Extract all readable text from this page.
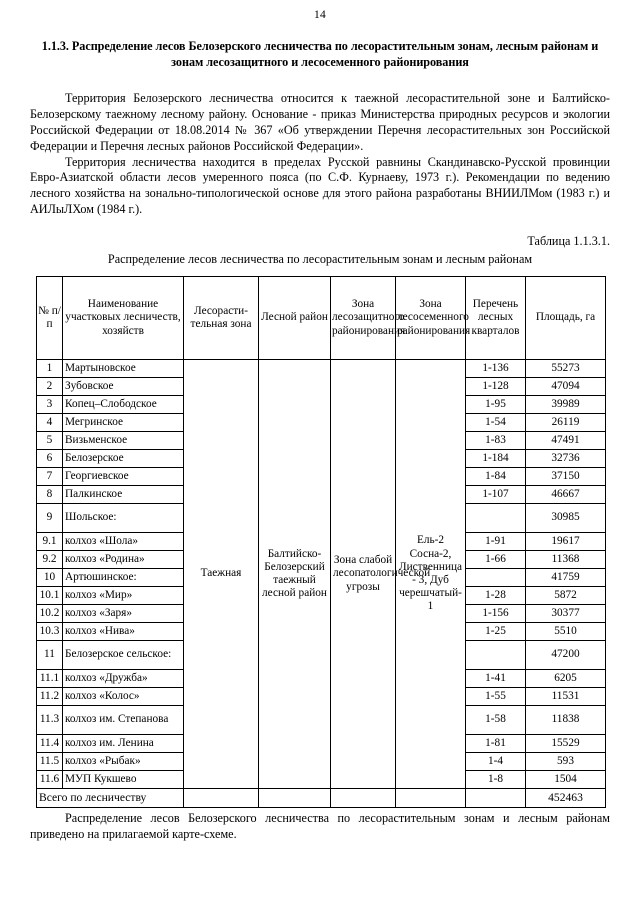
14
1.1.3. Распределение лесов Белозерского лесничества по лесорастительным зонам, лесным районам и зонам лесозащитного и лесосеменного районирования

Территория Белозерского лесничества относится к таежной лесорастительной зоне и Балтийско-Белозерскому таежному лесному району. Основание - приказ Министерства природных ресурсов и экологии Российской Федерации от 18.08.2014 № 367 «Об утверждении Перечня лесорастительных зон Российской Федерации и Перечня лесных районов Российской Федерации».

Территория лесничества находится в пределах Русской равнины Скандинавско-Русской провинции Евро-Азиатской области лесов умеренного пояса (по С.Ф. Курнаеву, 1973 г.). Рекомендации по ведению лесного хозяйства на зонально-типологической основе для этого района разработаны ВНИИЛМом (1983 г.) и АИЛыЛХом (1984 г.).

Таблица 1.1.3.1.
Распределение лесов лесничества по лесорастительным зонам и лесным районам
№ п/п	Наименование участковых лесничеств, хозяйств	Лесорасти-тельная зона	Лесной район	Зона лесозащитного районирования	Зона лесосеменного районирования	Перечень лесных кварталов	Площадь, га
1	Мартыновское	Таежная	Балтийско-Белозерский таежный лесной район	Зона слабой лесопатологической угрозы	Ель-2 Сосна-2, Лиственница - 3, Дуб черешчатый- 1	1-136	55273
2	Зубовское					1-128	47094
3	Копец–Слободское					1-95	39989
4	Мегринское					1-54	26119
5	Визьменское					1-83	47491
6	Белозерское					1-184	32736
7	Георгиевское					1-84	37150
8	Палкинское					1-107	46667
9	Шольское:						30985
9.1	колхоз «Шола»					1-91	19617
9.2	колхоз «Родина»					1-66	11368
10	Артюшинское:						41759
10.1	колхоз «Мир»					1-28	5872
10.2	колхоз «Заря»					1-156	30377
10.3	колхоз «Нива»					1-25	5510
11	Белозерское сельское:						47200
11.1	колхоз «Дружба»					1-41	6205
11.2	колхоз «Колос»					1-55	11531
11.3	колхоз им. Степанова					1-58	11838
11.4	колхоз им. Ленина					1-81	15529
11.5	колхоз «Рыбак»					1-4	593
11.6	МУП Кукшево					1-8	1504
Всего по лесничеству							452463

Распределение лесов Белозерского лесничества по лесорастительным зонам и лесным районам приведено на прилагаемой карте-схеме.
